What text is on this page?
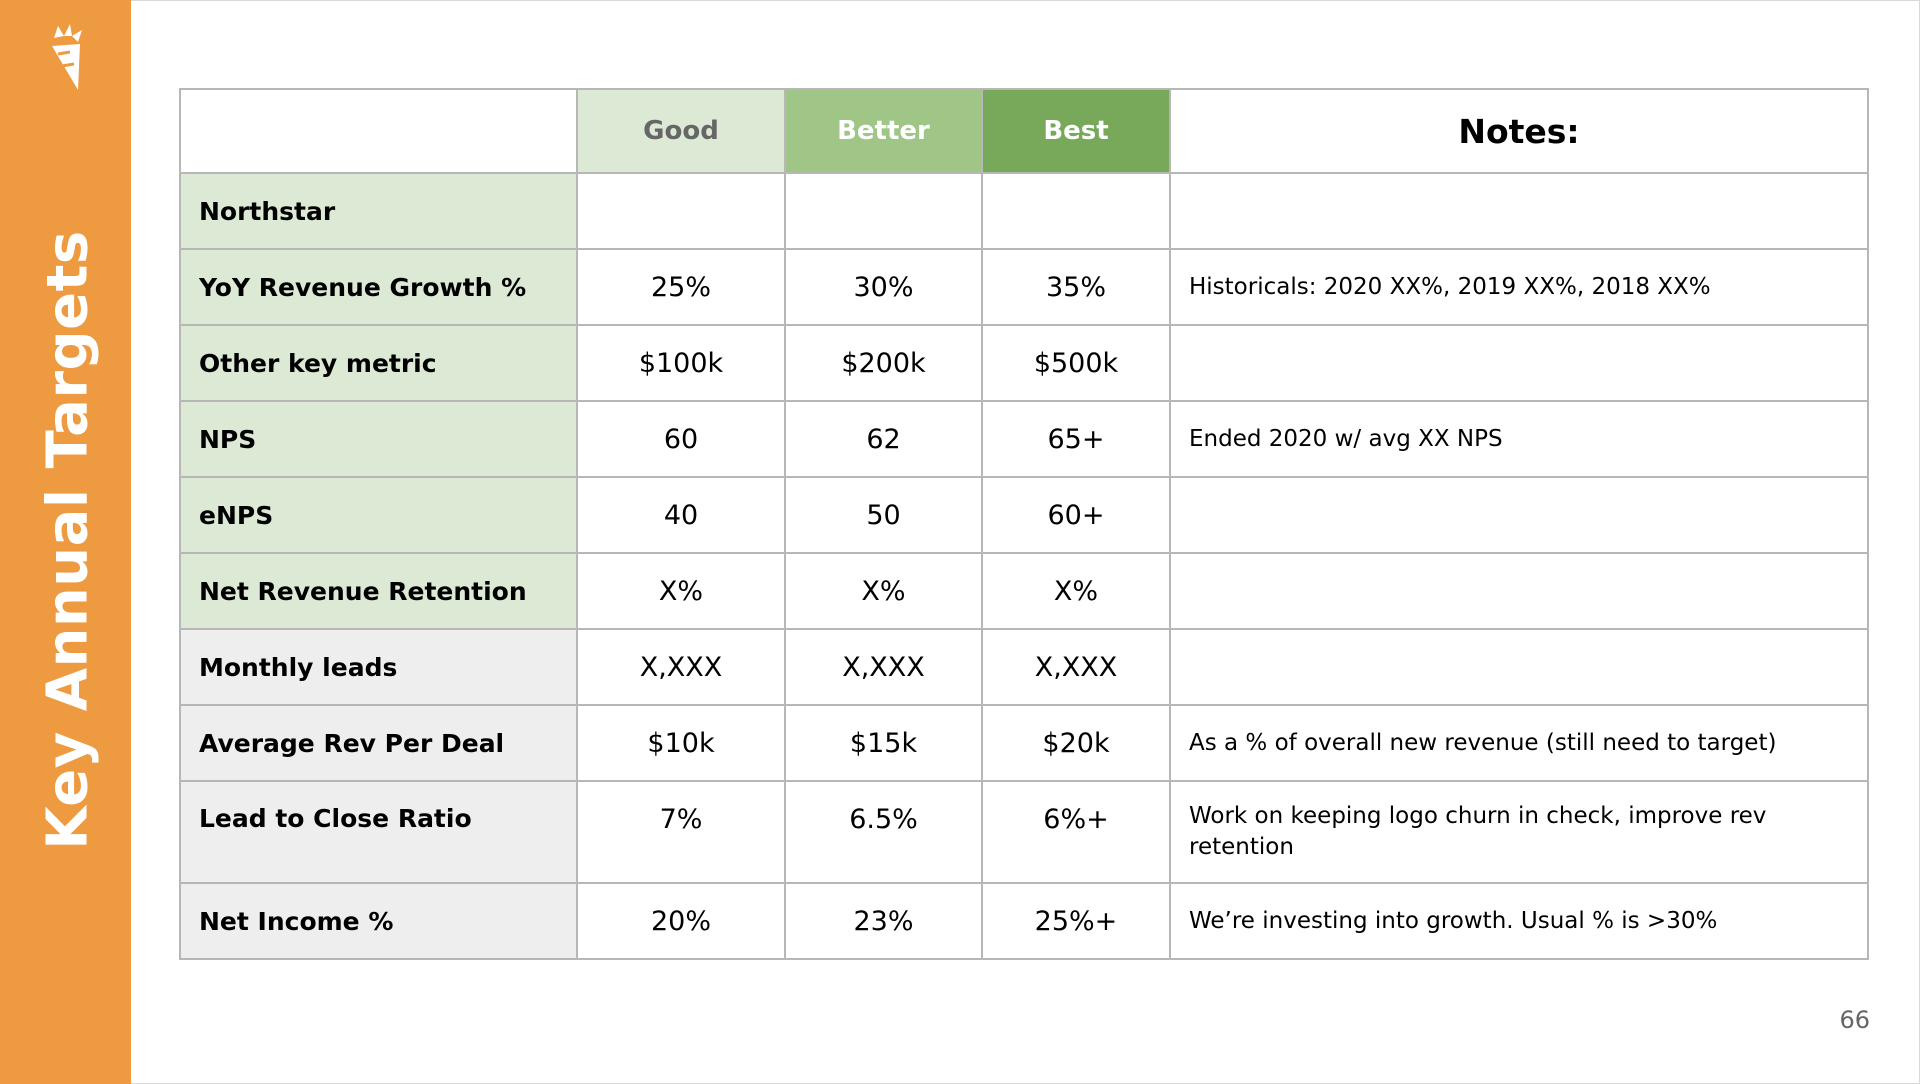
Key Annual Targets
	Good	Better	Best	Notes:
Northstar				
YoY Revenue Growth %	25%	30%	35%	Historicals: 2020 XX%, 2019 XX%, 2018 XX%
Other key metric	$100k	$200k	$500k	
NPS	60	62	65+	Ended 2020 w/ avg XX NPS
eNPS	40	50	60+	
Net Revenue Retention	X%	X%	X%	
Monthly leads	X,XXX	X,XXX	X,XXX	
Average Rev Per Deal	$10k	$15k	$20k	As a % of overall new revenue (still need to target)
Lead to Close Ratio	7%	6.5%	6%+	Work on keeping logo churn in check, improve rev retention
Net Income %	20%	23%	25%+	We’re investing into growth. Usual % is >30%
66
